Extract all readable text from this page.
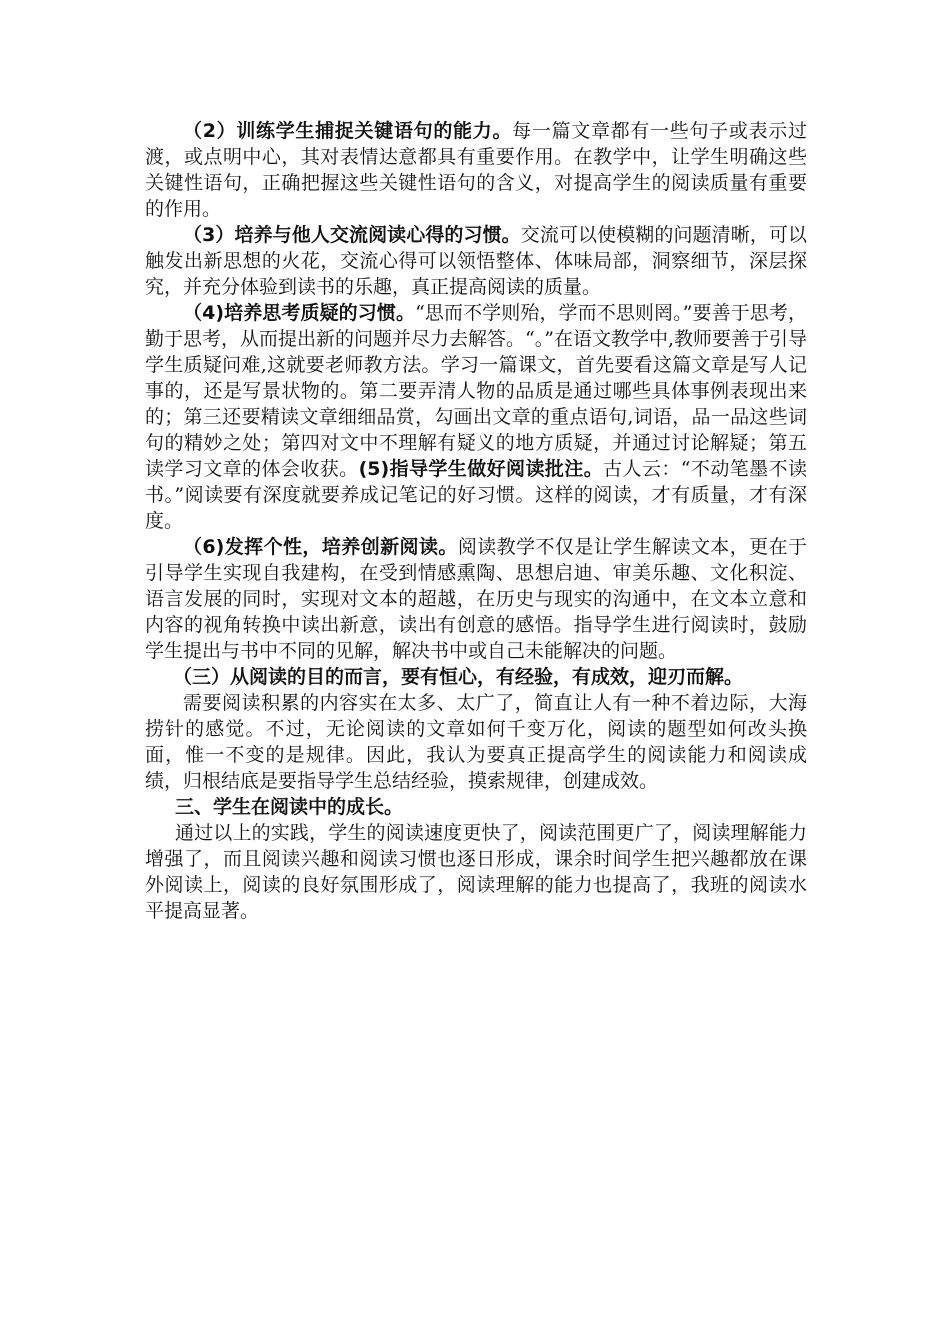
（2）训练学生捕捉关键语句的能力。每一篇文章都有一些句子或表示过渡，或点明中心，其对表情达意都具有重要作用。在教学中，让学生明确这些关键性语句，正确把握这些关键性语句的含义，对提高学生的阅读质量有重要的作用。

（3）培养与他人交流阅读心得的习惯。交流可以使模糊的问题清晰，可以触发出新思想的火花，交流心得可以领悟整体、体味局部，洞察细节，深层探究，并充分体验到读书的乐趣，真正提高阅读的质量。

（4)培养思考质疑的习惯。“思而不学则殆，学而不思则罔。”要善于思考，勤于思考，从而提出新的问题并尽力去解答。“。”在语文教学中,教师要善于引导学生质疑问难,这就要老师教方法。学习一篇课文，首先要看这篇文章是写人记事的，还是写景状物的。第二要弄清人物的品质是通过哪些具体事例表现出来的；第三还要精读文章细细品赏，勾画出文章的重点语句,词语，品一品这些词句的精妙之处；第四对文中不理解有疑义的地方质疑，并通过讨论解疑；第五读学习文章的体会收获。(5)指导学生做好阅读批注。古人云：“不动笔墨不读书。”阅读要有深度就要养成记笔记的好习惯。这样的阅读，才有质量，才有深度。

（6)发挥个性，培养创新阅读。阅读教学不仅是让学生解读文本，更在于引导学生实现自我建构，在受到情感熏陶、思想启迪、审美乐趣、文化积淀、语言发展的同时，实现对文本的超越，在历史与现实的沟通中，在文本立意和内容的视角转换中读出新意，读出有创意的感悟。指导学生进行阅读时，鼓励学生提出与书中不同的见解，解决书中或自己未能解决的问题。

（三）从阅读的目的而言，要有恒心，有经验，有成效，迎刃而解。

需要阅读积累的内容实在太多、太广了，简直让人有一种不着边际，大海捞针的感觉。不过，无论阅读的文章如何千变万化，阅读的题型如何改头换面，惟一不变的是规律。因此，我认为要真正提高学生的阅读能力和阅读成绩，归根结底是要指导学生总结经验，摸索规律，创建成效。

三、学生在阅读中的成长。

通过以上的实践，学生的阅读速度更快了，阅读范围更广了，阅读理解能力增强了，而且阅读兴趣和阅读习惯也逐日形成，课余时间学生把兴趣都放在课外阅读上，阅读的良好氛围形成了，阅读理解的能力也提高了，我班的阅读水平提高显著。
